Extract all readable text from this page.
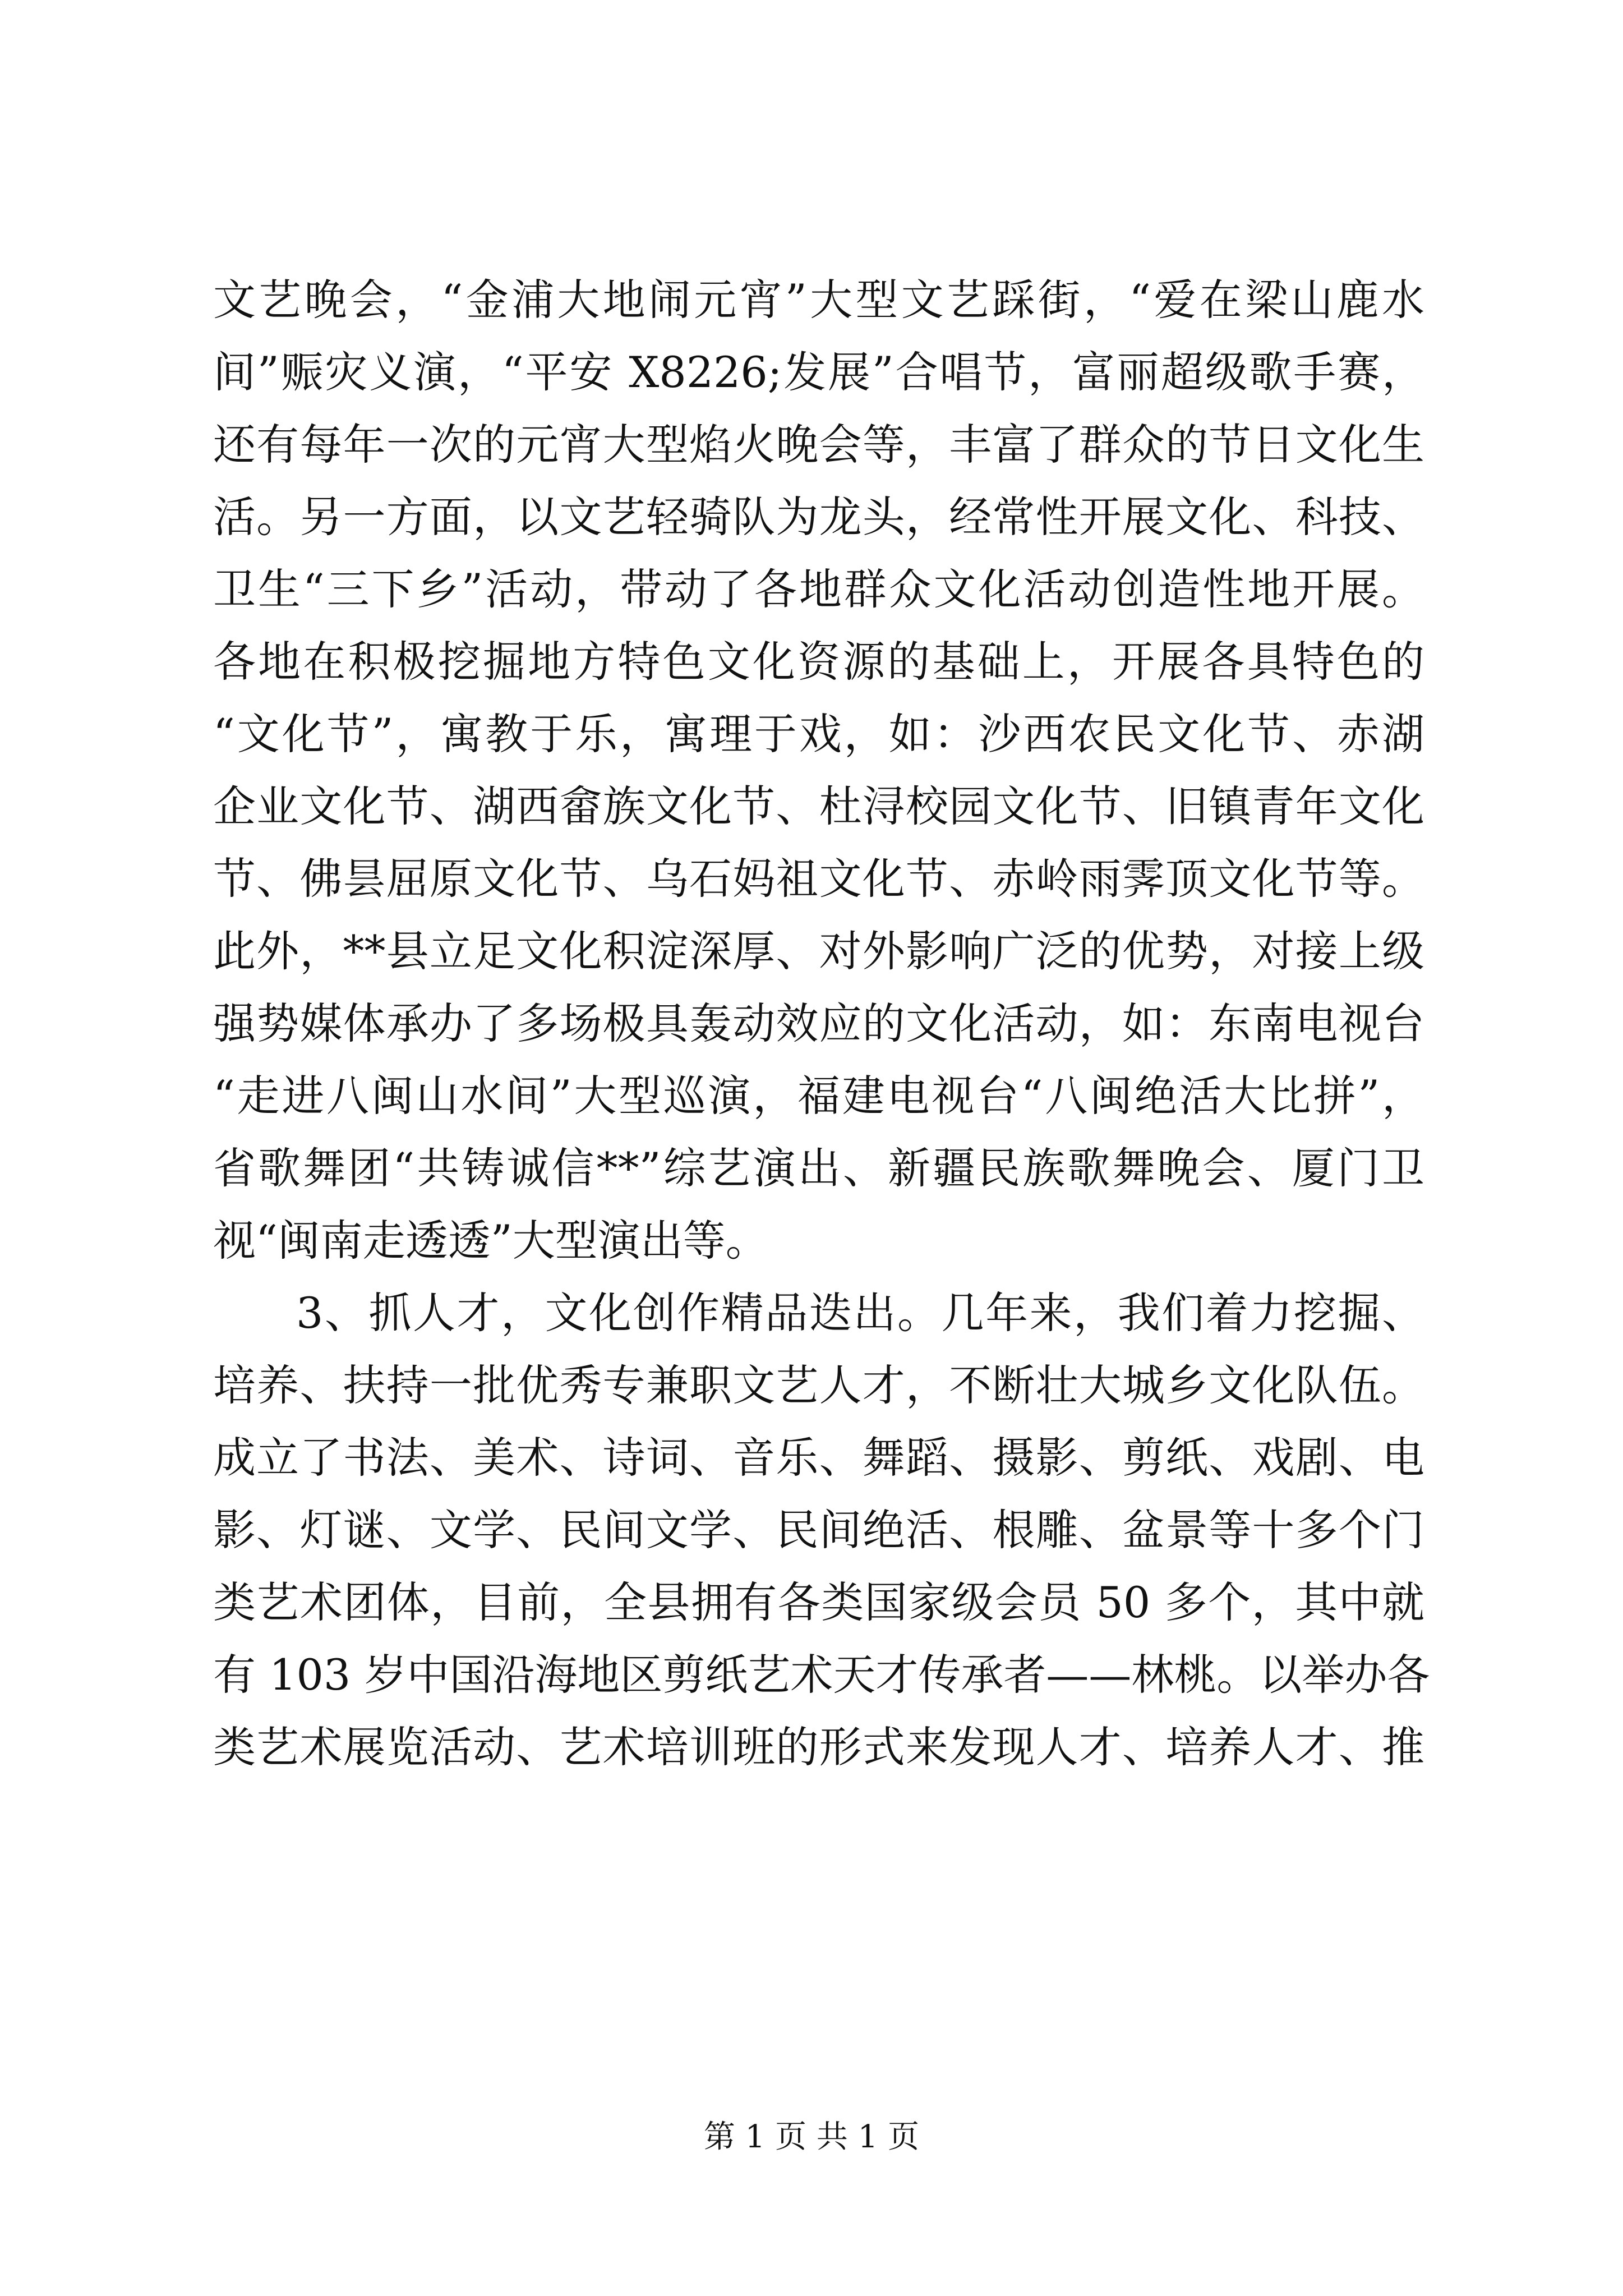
文艺晚会，“金浦大地闹元宵”大型文艺踩街，“爱在梁山鹿水
间”赈灾义演，“平安 X8226;发展”合唱节，富丽超级歌手赛，
还有每年一次的元宵大型焰火晚会等，丰富了群众的节日文化生
活。另一方面，以文艺轻骑队为龙头，经常性开展文化、科技、
卫生“三下乡”活动，带动了各地群众文化活动创造性地开展。
各地在积极挖掘地方特色文化资源的基础上，开展各具特色的
“文化节”，寓教于乐，寓理于戏，如：沙西农民文化节、赤湖
企业文化节、湖西畲族文化节、杜浔校园文化节、旧镇青年文化
节、佛昙屈原文化节、乌石妈祖文化节、赤岭雨霁顶文化节等。
此外，**县立足文化积淀深厚、对外影响广泛的优势，对接上级
强势媒体承办了多场极具轰动效应的文化活动，如：东南电视台
“走进八闽山水间”大型巡演，福建电视台“八闽绝活大比拼”，
省歌舞团“共铸诚信**”综艺演出、新疆民族歌舞晚会、厦门卫
视“闽南走透透”大型演出等。
3、抓人才，文化创作精品迭出。几年来，我们着力挖掘、
培养、扶持一批优秀专兼职文艺人才，不断壮大城乡文化队伍。
成立了书法、美术、诗词、音乐、舞蹈、摄影、剪纸、戏剧、电
影、灯谜、文学、民间文学、民间绝活、根雕、盆景等十多个门
类艺术团体，目前，全县拥有各类国家级会员 50 多个，其中就
有 103 岁中国沿海地区剪纸艺术天才传承者——林桃。以举办各
类艺术展览活动、艺术培训班的形式来发现人才、培养人才、推
第 1 页 共 1 页
